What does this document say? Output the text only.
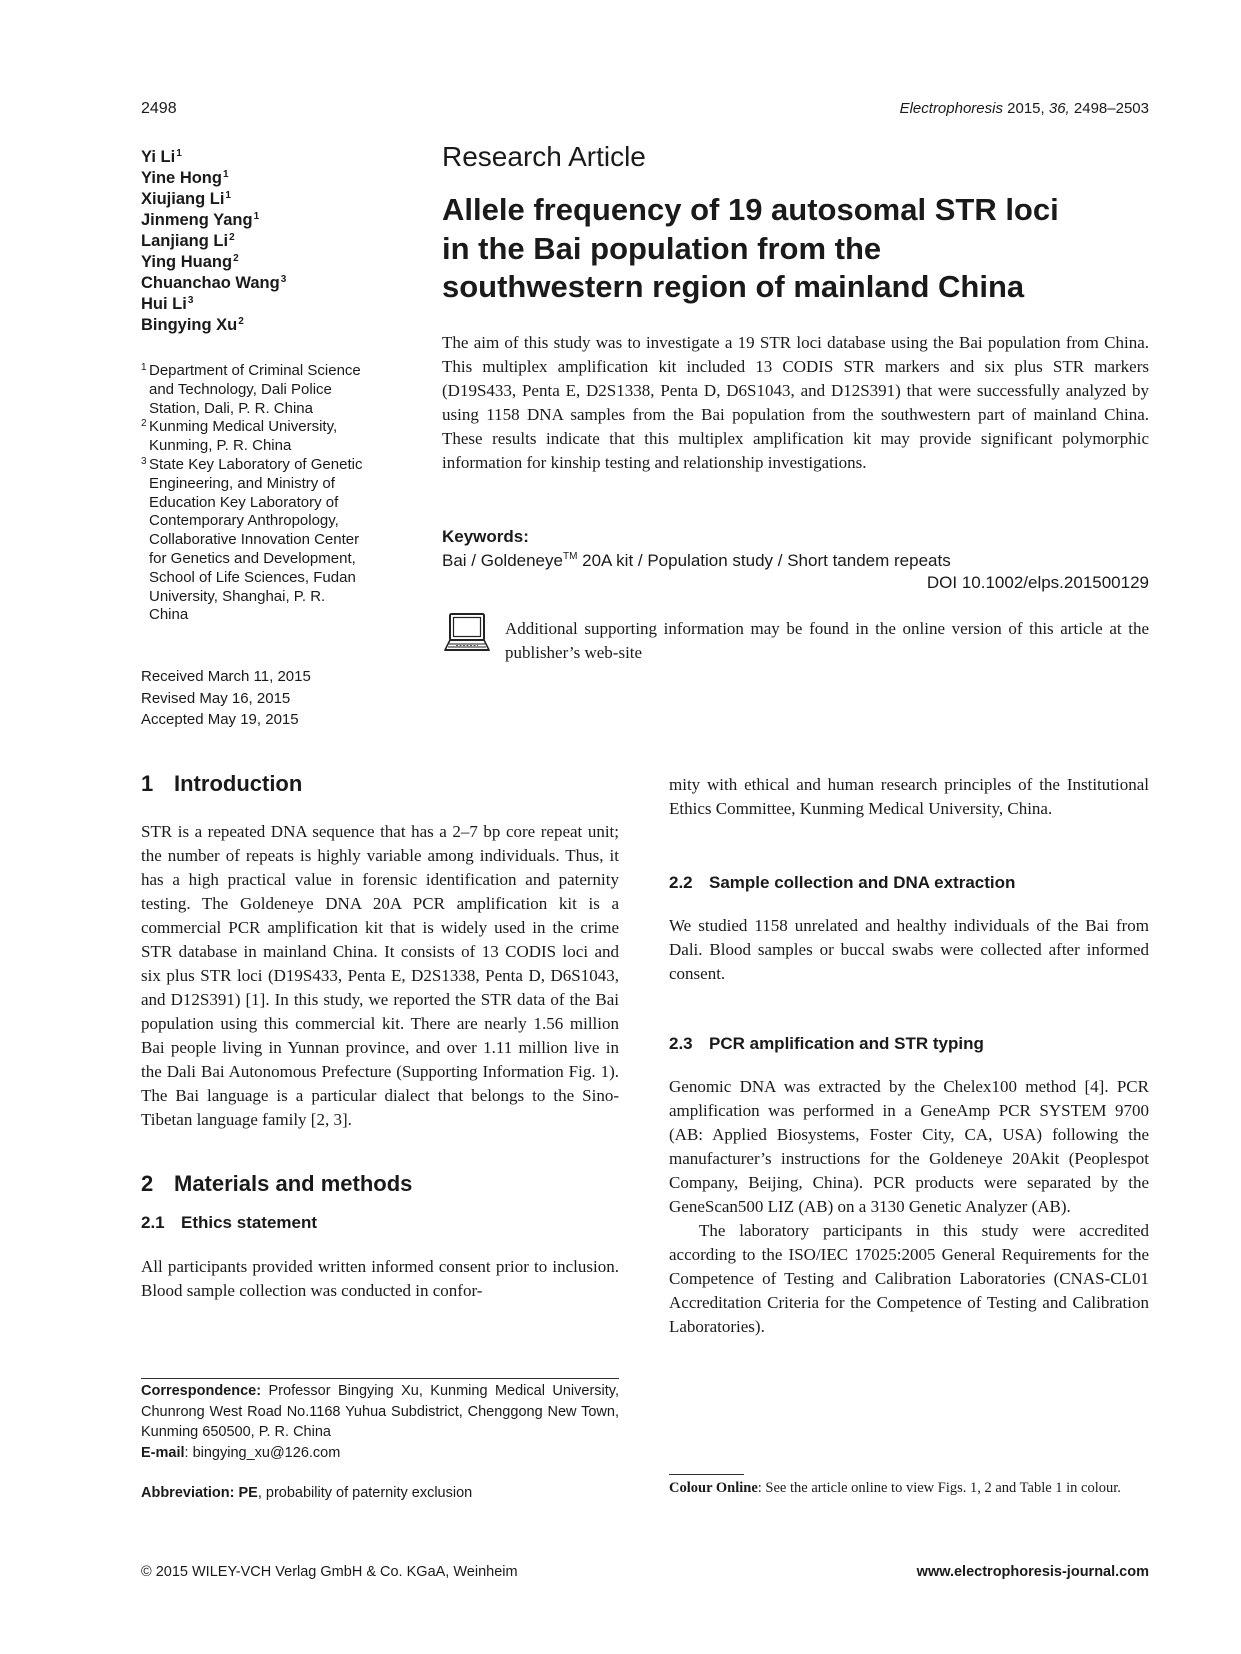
2498	Electrophoresis 2015, 36, 2498–2503
Yi Li$^1$
Yine Hong$^1$
Xiujiang Li$^1$
Jinmeng Yang$^1$
Lanjiang Li$^2$
Ying Huang$^2$
Chuanchao Wang$^3$
Hui Li$^3$
Bingying Xu$^2$
1 Department of Criminal Science
and Technology, Dali Police
Station, Dali, P. R. China
2 Kunming Medical University,
Kunming, P. R. China
3 State Key Laboratory of Genetic
Engineering, and Ministry of
Education Key Laboratory of
Contemporary Anthropology,
Collaborative Innovation Center
for Genetics and Development,
School of Life Sciences, Fudan
University, Shanghai, P. R.
China
Received March 11, 2015
Revised May 16, 2015
Accepted May 19, 2015
Research Article
Allele frequency of 19 autosomal STR loci
in the Bai population from the
southwestern region of mainland China
The aim of this study was to investigate a 19 STR loci database using the Bai population from China. This multiplex amplification kit included 13 CODIS STR markers and six plus STR markers (D19S433, Penta E, D2S1338, Penta D, D6S1043, and D12S391) that were successfully analyzed by using 1158 DNA samples from the Bai population from the southwestern part of mainland China. These results indicate that this multiplex amplification kit may provide significant polymorphic information for kinship testing and relationship investigations.
Keywords:
Bai / Goldeneye™ 20A kit / Population study / Short tandem repeats
DOI 10.1002/elps.201500129
Additional supporting information may be found in the online version of this article at the publisher’s web-site
1 Introduction
STR is a repeated DNA sequence that has a 2–7 bp core repeat unit; the number of repeats is highly variable among individuals. Thus, it has a high practical value in forensic identification and paternity testing. The Goldeneye DNA 20A PCR amplification kit is a commercial PCR amplification kit that is widely used in the crime STR database in mainland China. It consists of 13 CODIS loci and six plus STR loci (D19S433, Penta E, D2S1338, Penta D, D6S1043, and D12S391) [1]. In this study, we reported the STR data of the Bai population using this commercial kit. There are nearly 1.56 million Bai people living in Yunnan province, and over 1.11 million live in the Dali Bai Autonomous Prefecture (Supporting Information Fig. 1). The Bai language is a particular dialect that belongs to the Sino-Tibetan language family [2, 3].
2 Materials and methods
2.1 Ethics statement
All participants provided written informed consent prior to inclusion. Blood sample collection was conducted in confor-
mity with ethical and human research principles of the Institutional Ethics Committee, Kunming Medical University, China.
2.2 Sample collection and DNA extraction
We studied 1158 unrelated and healthy individuals of the Bai from Dali. Blood samples or buccal swabs were collected after informed consent.
2.3 PCR amplification and STR typing
Genomic DNA was extracted by the Chelex100 method [4]. PCR amplification was performed in a GeneAmp PCR SYSTEM 9700 (AB: Applied Biosystems, Foster City, CA, USA) following the manufacturer’s instructions for the Goldeneye 20Akit (Peoplespot Company, Beijing, China). PCR products were separated by the GeneScan500 LIZ (AB) on a 3130 Genetic Analyzer (AB).
The laboratory participants in this study were accredited according to the ISO/IEC 17025:2005 General Requirements for the Competence of Testing and Calibration Laboratories (CNAS-CL01 Accreditation Criteria for the Competence of Testing and Calibration Laboratories).
Correspondence: Professor Bingying Xu, Kunming Medical University, Chunrong West Road No.1168 Yuhua Subdistrict, Chenggong New Town, Kunming 650500, P. R. China
E-mail: bingying_xu@126.com
Abbreviation: PE, probability of paternity exclusion	Colour Online: See the article online to view Figs. 1, 2 and Table 1 in colour.
© 2015 WILEY-VCH Verlag GmbH & Co. KGaA, Weinheim	www.electrophoresis-journal.com
